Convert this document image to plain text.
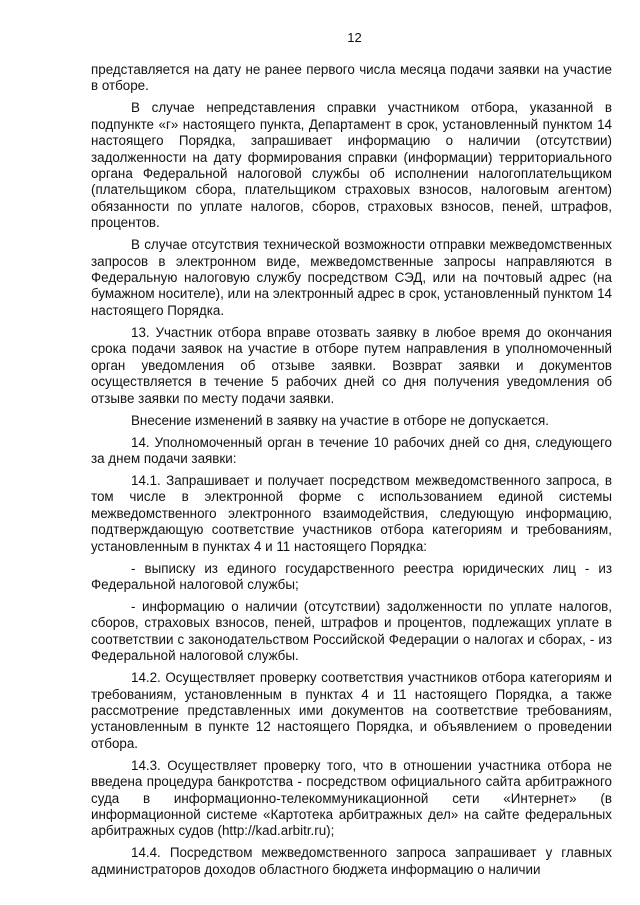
12

представляется на дату не ранее первого числа месяца подачи заявки на участие в отборе.

В случае непредставления справки участником отбора, указанной в подпункте «г» настоящего пункта, Департамент в срок, установленный пунктом 14 настоящего Порядка, запрашивает информацию о наличии (отсутствии) задолженности на дату формирования справки (информации) территориального органа Федеральной налоговой службы об исполнении налогоплательщиком (плательщиком сбора, плательщиком страховых взносов, налоговым агентом) обязанности по уплате налогов, сборов, страховых взносов, пеней, штрафов, процентов.

В случае отсутствия технической возможности отправки межведомственных запросов в электронном виде, межведомственные запросы направляются в Федеральную налоговую службу посредством СЭД, или на почтовый адрес (на бумажном носителе), или на электронный адрес в срок, установленный пунктом 14 настоящего Порядка.

13. Участник отбора вправе отозвать заявку в любое время до окончания срока подачи заявок на участие в отборе путем направления в уполномоченный орган уведомления об отзыве заявки. Возврат заявки и документов осуществляется в течение 5 рабочих дней со дня получения уведомления об отзыве заявки по месту подачи заявки.

Внесение изменений в заявку на участие в отборе не допускается.

14. Уполномоченный орган в течение 10 рабочих дней со дня, следующего за днем подачи заявки:

14.1. Запрашивает и получает посредством межведомственного запроса, в том числе в электронной форме с использованием единой системы межведомственного электронного взаимодействия, следующую информацию, подтверждающую соответствие участников отбора категориям и требованиям, установленным в пунктах 4 и 11 настоящего Порядка:

- выписку из единого государственного реестра юридических лиц - из Федеральной налоговой службы;

- информацию о наличии (отсутствии) задолженности по уплате налогов, сборов, страховых взносов, пеней, штрафов и процентов, подлежащих уплате в соответствии с законодательством Российской Федерации о налогах и сборах, - из Федеральной налоговой службы.

14.2. Осуществляет проверку соответствия участников отбора категориям и требованиям, установленным в пунктах 4 и 11 настоящего Порядка, а также рассмотрение представленных ими документов на соответствие требованиям, установленным в пункте 12 настоящего Порядка, и объявлением о проведении отбора.

14.3. Осуществляет проверку того, что в отношении участника отбора не введена процедура банкротства - посредством официального сайта арбитражного суда в информационно-телекоммуникационной сети «Интернет» (в информационной системе «Картотека арбитражных дел» на сайте федеральных арбитражных судов (http://kad.arbitr.ru);

14.4. Посредством межведомственного запроса запрашивает у главных администраторов доходов областного бюджета информацию о наличии
